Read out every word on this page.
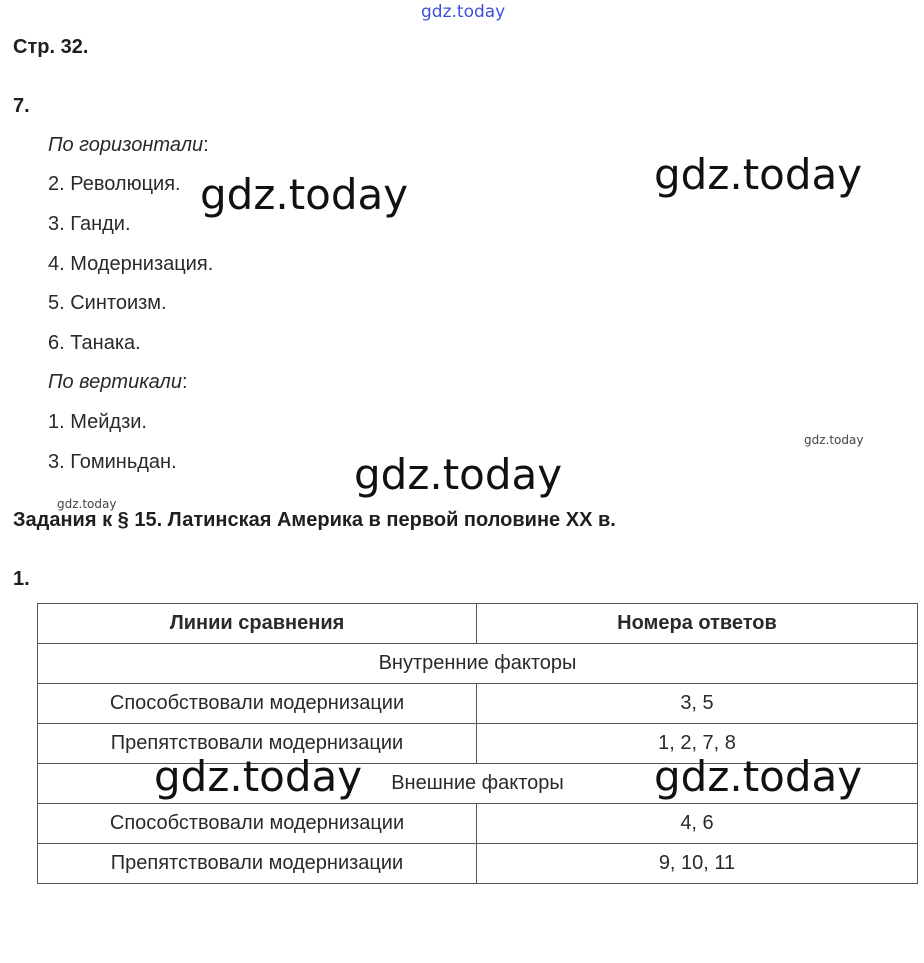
gdz.today
Стр. 32.
7.
По горизонтали:
2. Революция.
3. Ганди.
4. Модернизация.
5. Синтоизм.
6. Танака.
По вертикали:
1. Мейдзи.
3. Гоминьдан.
Задания к § 15. Латинская Америка в первой половине XX в.
1.
Линии сравнения	Номера ответов
Внутренние факторы	
Способствовали модернизации	3, 5
Препятствовали модернизации	1, 2, 7, 8
Внешние факторы	
Способствовали модернизации	4, 6
Препятствовали модернизации	9, 10, 11
gdz.today	gdz.today
gdz.today
gdz.today	gdz.today
gdz.today
gdz.today
